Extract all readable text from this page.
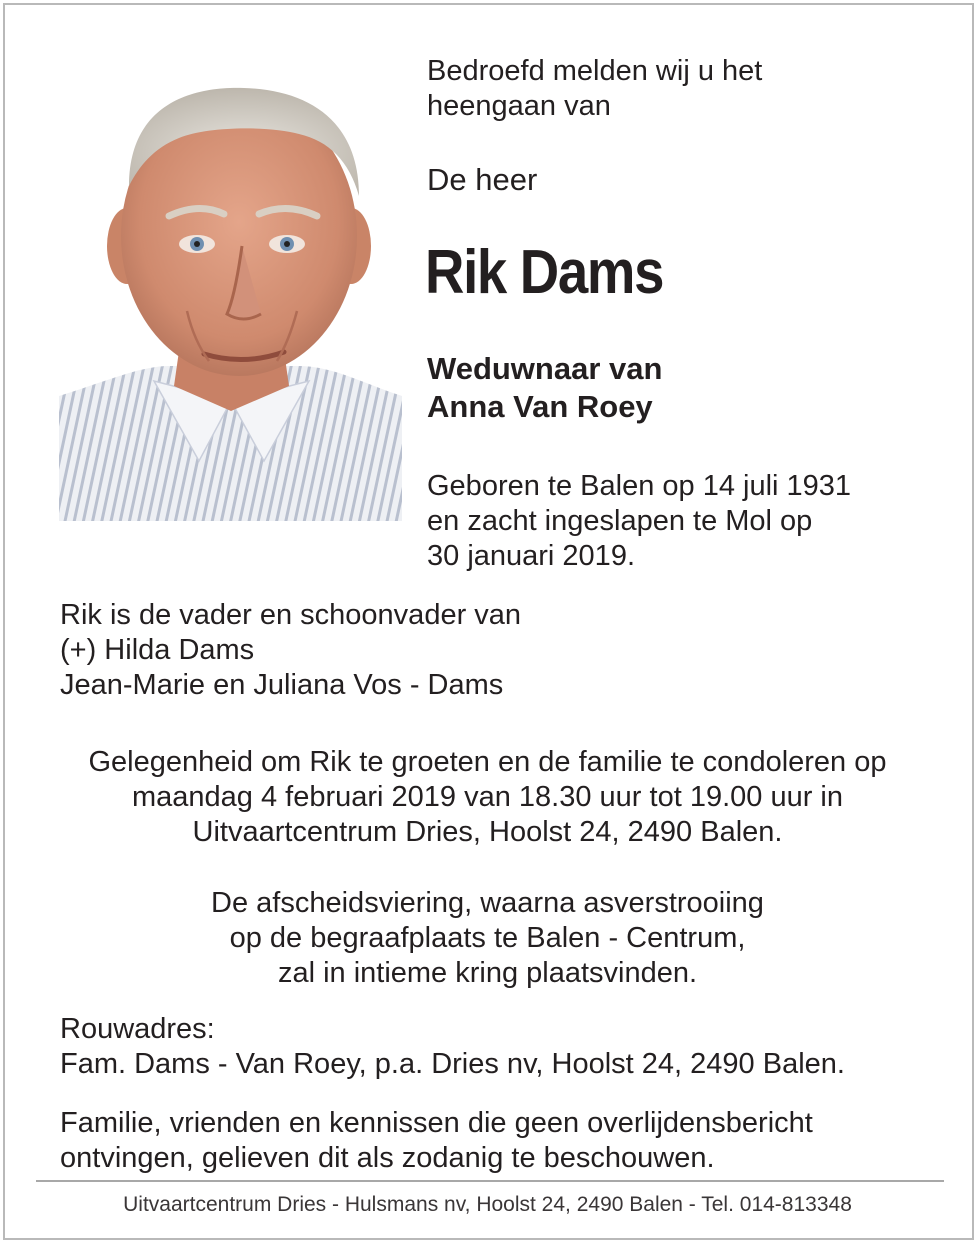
Bedroefd melden wij u het
heengaan van
De heer
Rik Dams
Weduwnaar van
Anna Van Roey
Geboren te Balen op 14 juli 1931
en zacht ingeslapen te Mol op
30 januari 2019.
Rik is de vader en schoonvader van
(+) Hilda Dams
Jean-Marie en Juliana Vos - Dams
Gelegenheid om Rik te groeten en de familie te condoleren op
maandag 4 februari 2019 van 18.30 uur tot 19.00 uur in
Uitvaartcentrum Dries, Hoolst 24, 2490 Balen.
De afscheidsviering, waarna asverstrooiing
op de begraafplaats te Balen - Centrum,
zal in intieme kring plaatsvinden.
Rouwadres:
Fam. Dams - Van Roey, p.a. Dries nv, Hoolst 24, 2490 Balen.
Familie, vrienden en kennissen die geen overlijdensbericht
ontvingen, gelieven dit als zodanig te beschouwen.
Uitvaartcentrum Dries - Hulsmans nv, Hoolst 24, 2490 Balen - Tel. 014-813348
